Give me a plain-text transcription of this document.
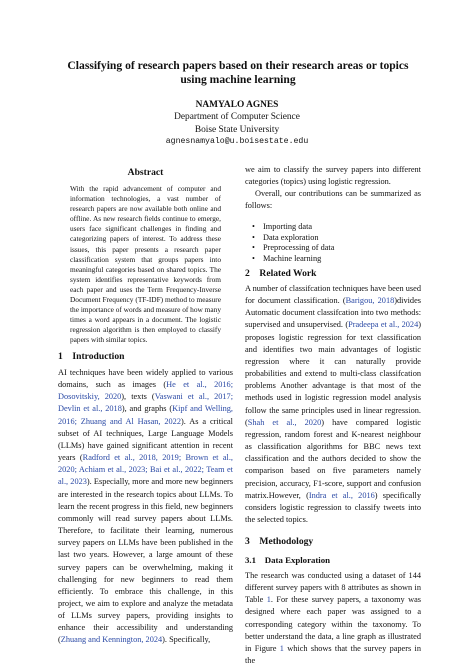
Classifying of research papers based on their research areas or topics using machine learning
NAMYALO AGNES
Department of Computer Science
Boise State University
agnesnamyalo@u.boisestate.edu
Abstract
With the rapid advancement of computer and information technologies, a vast number of research papers are now available both online and offline. As new research fields continue to emerge, users face significant challenges in finding and categorizing papers of interest. To address these issues, this paper presents a research paper classification system that groups papers into meaningful categories based on shared topics. The system identifies representative keywords from each paper and uses the Term Frequency-Inverse Document Frequency (TF-IDF) method to measure the importance of words and measure of how many times a word appears in a document. The logistic regression algorithm is then employed to classify papers with similar topics.
1 Introduction
AI techniques have been widely applied to various domains, such as images (He et al., 2016; Dosovitskiy, 2020), texts (Vaswani et al., 2017; Devlin et al., 2018), and graphs (Kipf and Welling, 2016; Zhuang and Al Hasan, 2022). As a critical subset of AI techniques, Large Language Models (LLMs) have gained significant attention in recent years (Radford et al., 2018, 2019; Brown et al., 2020; Achiam et al., 2023; Bai et al., 2022; Team et al., 2023). Especially, more and more new beginners are interested in the research topics about LLMs. To learn the recent progress in this field, new beginners commonly will read survey papers about LLMs. Therefore, to facilitate their learning, numerous survey papers on LLMs have been published in the last two years. However, a large amount of these survey papers can be overwhelming, making it challenging for new beginners to read them efficiently. To embrace this challenge, in this project, we aim to explore and analyze the metadata of LLMs survey papers, providing insights to enhance their accessibility and understanding (Zhuang and Kennington, 2024). Specifically,

we aim to classify the survey papers into different categories (topics) using logistic regression.

Overall, our contributions can be summarized as follows:

• Importing data
• Data exploration
• Preprocessing of data
• Machine learning
2 Related Work
A number of classifcation techniques have been used for document classification. (Barigou, 2018)divides Automatic document classifcation into two methods: supervised and unsupervised. (Pradeepa et al., 2024) proposes logistic regression for text classification and identifies two main advantages of logistic regression where it can naturally provide probabilities and extend to multi-class classifcation problems Another advantage is that most of the methods used in logistic regression model analysis follow the same principles used in linear regression. (Shah et al., 2020) have compared logistic regression, random forest and K-nearest neighbour as classification algorithms for BBC news text classification and the authors decided to show the comparison based on five parameters namely precision, accuracy, F1-score, support and confusion matrix.However, (Indra et al., 2016) specifically considers logistic regression to classify tweets into the selected topics.
3 Methodology
3.1 Data Exploration
The research was conducted using a dataset of 144 different survey papers with 8 attributes as shown in Table 1. For these survey papers, a taxonomy was designed where each paper was assigned to a corresponding category within the taxonomy. To better understand the data, a line graph as illustrated in Figure 1 which shows that the survey papers in the
